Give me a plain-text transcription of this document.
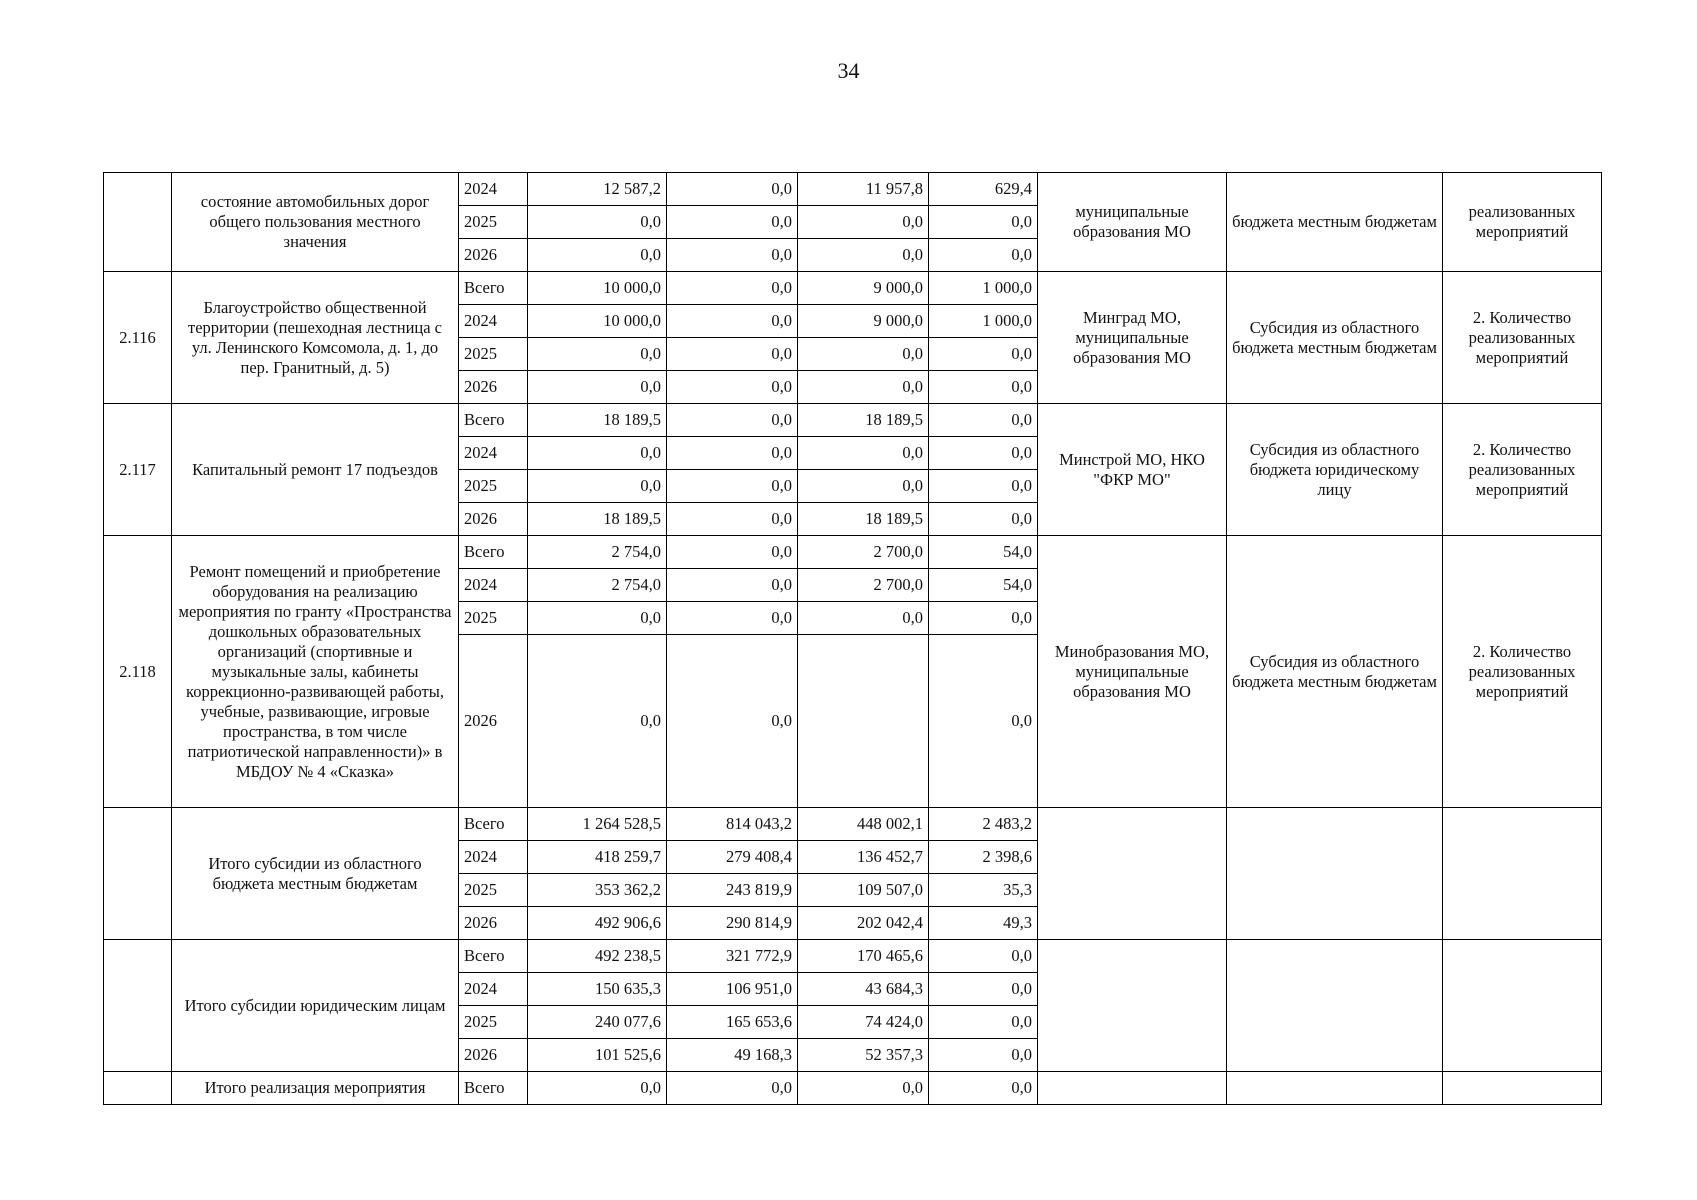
34
	состояние автомобильных дорог общего пользования местного значения	2024	12 587,2	0,0	11 957,8	629,4	муниципальные образования МО	бюджета местным бюджетам	реализованных мероприятий
		2025	0,0	0,0	0,0	0,0			
		2026	0,0	0,0	0,0	0,0			
2.116	Благоустройство общественной территории (пешеходная лестница с ул. Ленинского Комсомола, д. 1, до пер. Гранитный, д. 5)	Всего	10 000,0	0,0	9 000,0	1 000,0	Минград МО, муниципальные образования МО	Субсидия из областного бюджета местным бюджетам	2. Количество реализованных мероприятий
		2024	10 000,0	0,0	9 000,0	1 000,0			
		2025	0,0	0,0	0,0	0,0			
		2026	0,0	0,0	0,0	0,0			
2.117	Капитальный ремонт 17 подъездов	Всего	18 189,5	0,0	18 189,5	0,0	Минстрой МО, НКО "ФКР МО"	Субсидия из областного бюджета юридическому лицу	2. Количество реализованных мероприятий
		2024	0,0	0,0	0,0	0,0			
		2025	0,0	0,0	0,0	0,0			
		2026	18 189,5	0,0	18 189,5	0,0			
2.118	Ремонт помещений и приобретение оборудования на реализацию мероприятия по гранту «Пространства дошкольных образовательных организаций (спортивные и музыкальные залы, кабинеты коррекционно-развивающей работы, учебные, развивающие, игровые пространства, в том числе патриотической направленности)» в МБДОУ № 4 «Сказка»	Всего	2 754,0	0,0	2 700,0	54,0	Минобразования МО, муниципальные образования МО	Субсидия из областного бюджета местным бюджетам	2. Количество реализованных мероприятий
		2024	2 754,0	0,0	2 700,0	54,0			
		2025	0,0	0,0	0,0	0,0			
		2026	0,0	0,0		0,0			
	Итого субсидии из областного бюджета местным бюджетам	Всего	1 264 528,5	814 043,2	448 002,1	2 483,2			
		2024	418 259,7	279 408,4	136 452,7	2 398,6			
		2025	353 362,2	243 819,9	109 507,0	35,3			
		2026	492 906,6	290 814,9	202 042,4	49,3			
	Итого субсидии юридическим лицам	Всего	492 238,5	321 772,9	170 465,6	0,0			
		2024	150 635,3	106 951,0	43 684,3	0,0			
		2025	240 077,6	165 653,6	74 424,0	0,0			
		2026	101 525,6	49 168,3	52 357,3	0,0			
	Итого реализация мероприятия	Всего	0,0	0,0	0,0	0,0			
